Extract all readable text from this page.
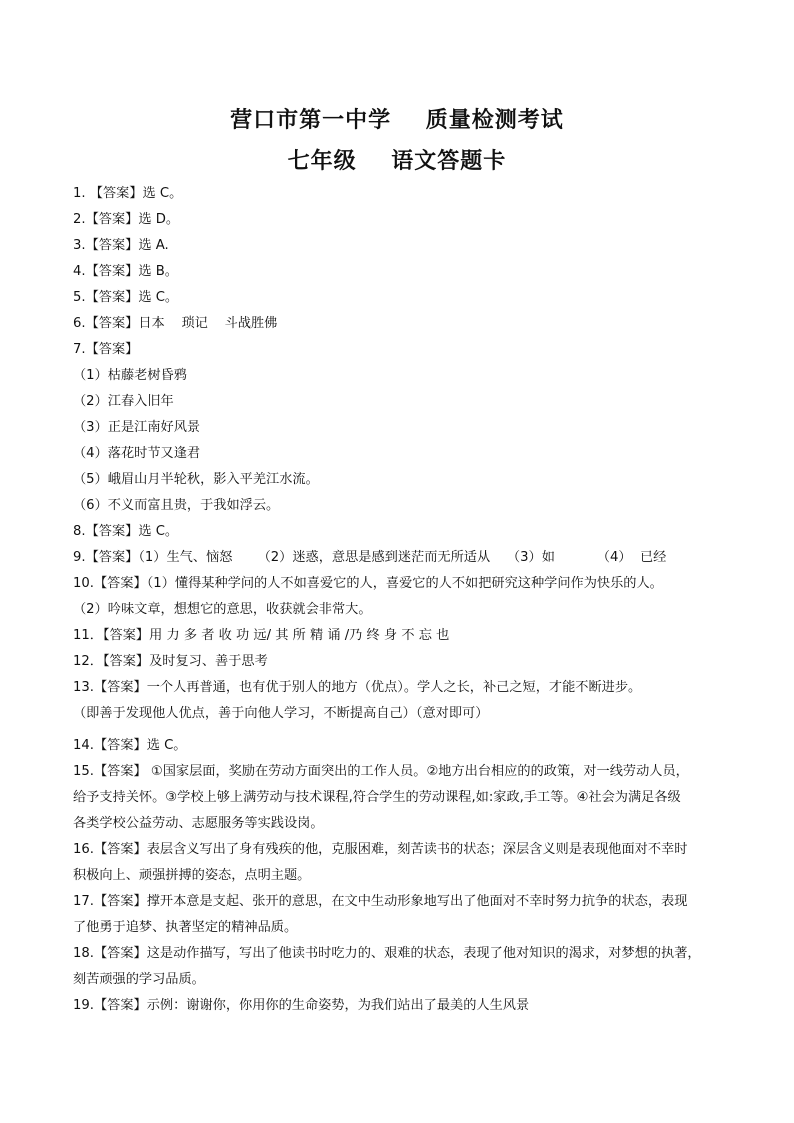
营口市第一中学    质量检测考试
七年级    语文答题卡
1. 【答案】选 C。
2.【答案】选 D。
3.【答案】选 A.
4.【答案】选 B。
5.【答案】选 C。
6.【答案】日本    琐记    斗战胜佛
7.【答案】
（1）枯藤老树昏鸦
（2）江春入旧年
（3）正是江南好风景
（4）落花时节又逢君
（5）峨眉山月半轮秋，影入平羌江水流。
（6）不义而富且贵，于我如浮云。
8.【答案】选 C。
9.【答案】（1）生气、恼怒      （2）迷惑，意思是感到迷茫而无所适从    （3）如          （4）  已经
10.【答案】（1）懂得某种学问的人不如喜爱它的人，喜爱它的人不如把研究这种学问作为快乐的人。
（2）吟味文章，想想它的意思，收获就会非常大。
11．【答案】用 力 多 者 收 功 远/ 其 所 精 诵 /乃 终 身 不 忘 也
12．【答案】及时复习、善于思考
13.【答案】一个人再普通，也有优于别人的地方（优点）。学人之长，补己之短，才能不断进步。
（即善于发现他人优点，善于向他人学习，不断提高自己）（意对即可）
14.【答案】选 C。
15.【答案】 ①国家层面，奖励在劳动方面突出的工作人员。②地方出台相应的的政策，对一线劳动人员，
给予支持关怀。③学校上够上满劳动与技术课程,符合学生的劳动课程,如:家政,手工等。④社会为满足各级
各类学校公益劳动、志愿服务等实践设岗。
16.【答案】表层含义写出了身有残疾的他，克服困难，刻苦读书的状态；深层含义则是表现他面对不幸时
积极向上、顽强拼搏的姿态，点明主题。
17.【答案】撑开本意是支起、张开的意思，在文中生动形象地写出了他面对不幸时努力抗争的状态，表现
了他勇于追梦、执著坚定的精神品质。
18.【答案】这是动作描写，写出了他读书时吃力的、艰难的状态，表现了他对知识的渴求，对梦想的执著，
刻苦顽强的学习品质。
19.【答案】示例：谢谢你，你用你的生命姿势，为我们站出了最美的人生风景
